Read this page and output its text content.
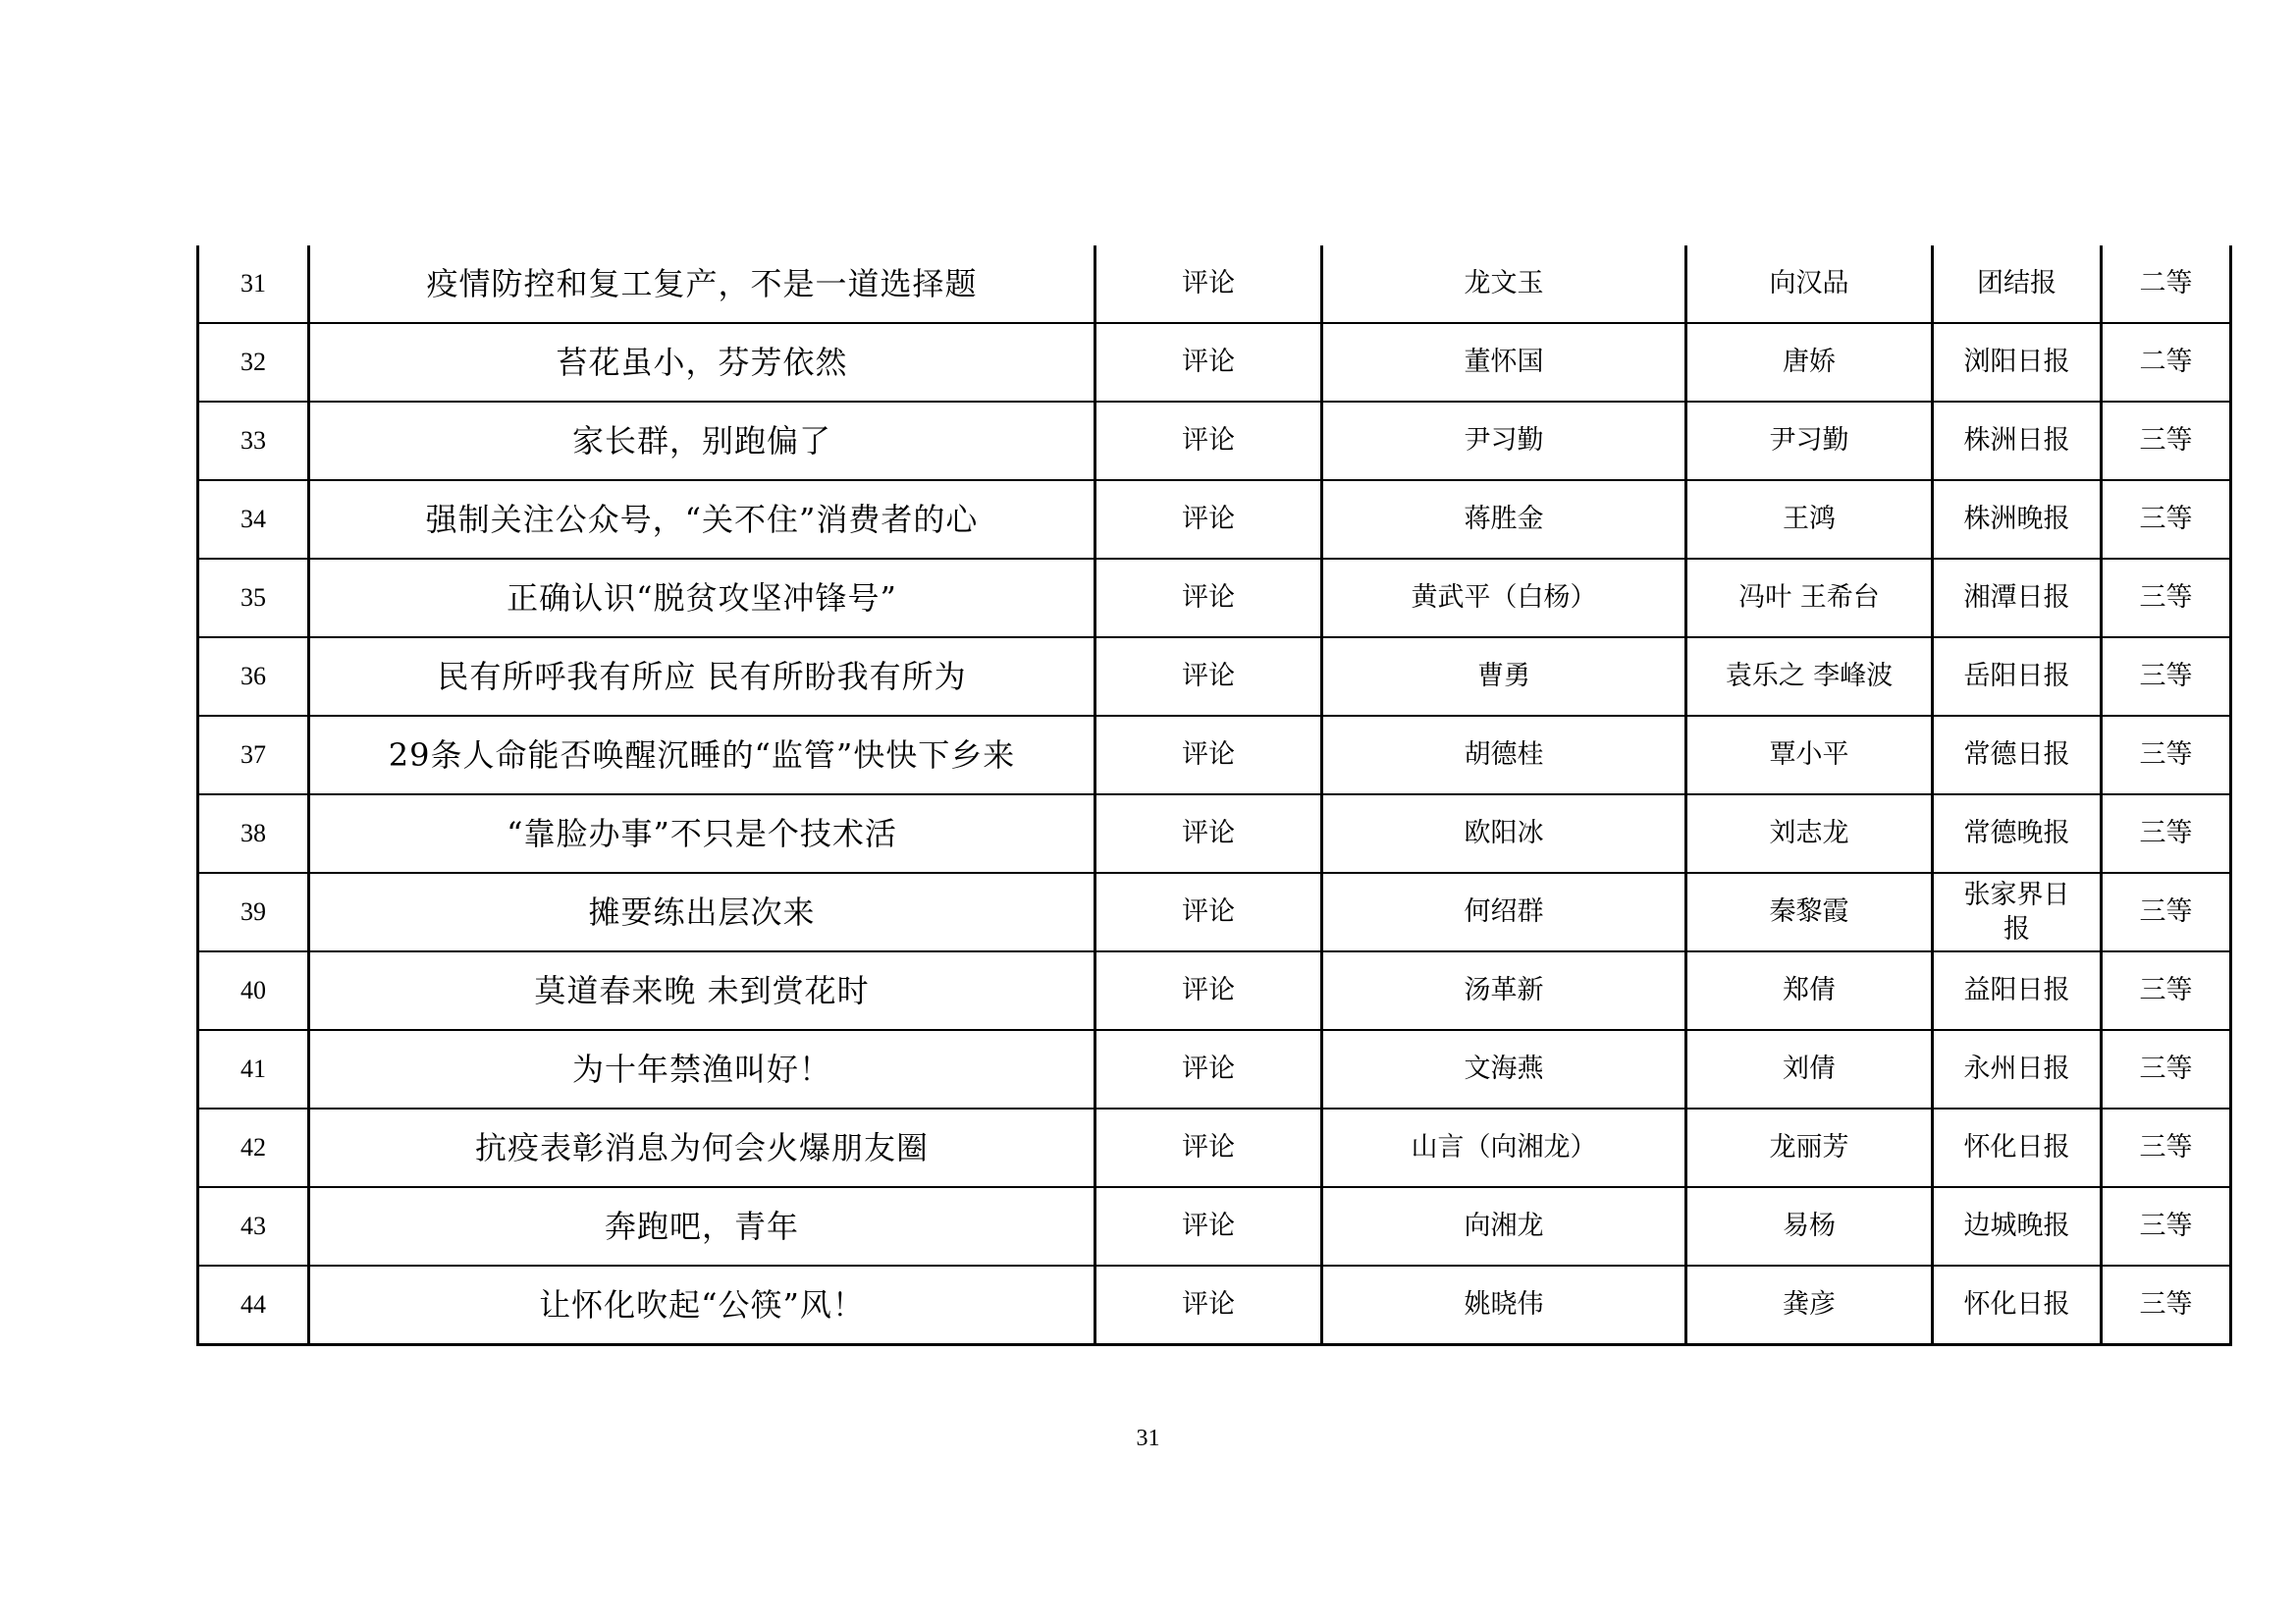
31	疫情防控和复工复产，不是一道选择题	评论	龙文玉	向汉品	团结报	二等
32	苔花虽小，芬芳依然	评论	董怀国	唐娇	浏阳日报	二等
33	家长群，别跑偏了	评论	尹习勤	尹习勤	株洲日报	三等
34	强制关注公众号，“关不住”消费者的心	评论	蒋胜金	王鸿	株洲晚报	三等
35	正确认识“脱贫攻坚冲锋号”	评论	黄武平（白杨）	冯叶 王希台	湘潭日报	三等
36	民有所呼我有所应 民有所盼我有所为	评论	曹勇	袁乐之 李峰波	岳阳日报	三等
37	29条人命能否唤醒沉睡的“监管”快快下乡来	评论	胡德桂	覃小平	常德日报	三等
38	“靠脸办事”不只是个技术活	评论	欧阳冰	刘志龙	常德晚报	三等
39	摊要练出层次来	评论	何绍群	秦黎霞	张家界日报	三等
40	莫道春来晚 未到赏花时	评论	汤革新	郑倩	益阳日报	三等
41	为十年禁渔叫好！	评论	文海燕	刘倩	永州日报	三等
42	抗疫表彰消息为何会火爆朋友圈	评论	山言（向湘龙）	龙丽芳	怀化日报	三等
43	奔跑吧，青年	评论	向湘龙	易杨	边城晚报	三等
44	让怀化吹起“公筷”风！	评论	姚晓伟	龚彦	怀化日报	三等
31
